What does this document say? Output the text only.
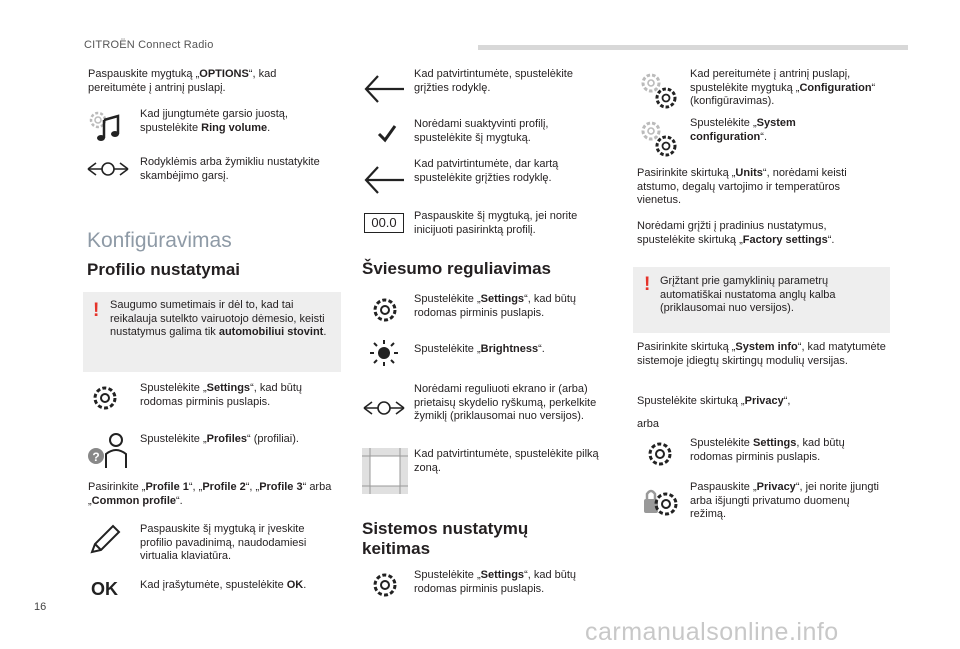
CITROËN Connect Radio
16
carmanualsonline.info

Paspauskite mygtuką „OPTIONS“, kad pereitumėte į antrinį puslapį.

Kad įjungtumėte garsio juostą, spustelėkite Ring volume.

Rodyklėmis arba žymikliu nustatykite skambėjimo garsį.

Konfigūravimas
Profilio nustatymai
! Saugumo sumetimais ir dėl to, kad tai reikalauja sutelkto vairuotojo dėmesio, keisti nustatymus galima tik automobiliui stovint.

Spustelėkite „Settings“, kad būtų rodomas pirminis puslapis.

?

Spustelėkite „Profiles“ (profiliai).

Pasirinkite „Profile 1“, „Profile 2“, „Profile 3“ arba „Common profile“.

Paspauskite šį mygtuką ir įveskite profilio pavadinimą, naudodamiesi virtualia klaviatūra.

OK Kad įrašytumėte, spustelėkite OK.

Kad patvirtintumėte, spustelėkite grįžties rodyklę.

Norėdami suaktyvinti profilį, spustelėkite šį mygtuką.

Kad patvirtintumėte, dar kartą spustelėkite grįžties rodyklę.

00.0	Paspauskite šį mygtuką, jei norite inicijuoti pasirinktą profilį.

Šviesumo reguliavimas

Spustelėkite „Settings“, kad būtų rodomas pirminis puslapis.

Spustelėkite „Brightness“.

Norėdami reguliuoti ekrano ir (arba) prietaisų skydelio ryškumą, perkelkite žymiklį (priklausomai nuo versijos).

Kad patvirtintumėte, spustelėkite pilką zoną.

Sistemos nustatymų keitimas

Spustelėkite „Settings“, kad būtų rodomas pirminis puslapis.

Kad pereitumėte į antrinį puslapį, spustelėkite mygtuką „Configuration“ (konfigūravimas).

Spustelėkite „System configuration“.

Pasirinkite skirtuką „Units“, norėdami keisti atstumo, degalų vartojimo ir temperatūros vienetus.

Norėdami grįžti į pradinius nustatymus, spustelėkite skirtuką „Factory settings“.

! Grįžtant prie gamyklinių parametrų automatiškai nustatoma anglų kalba (priklausomai nuo versijos).

Pasirinkite skirtuką „System info“, kad matytumėte sistemoje įdiegtų skirtingų modulių versijas.

Spustelėkite skirtuką „Privacy“,

arba

Spustelėkite Settings, kad būtų rodomas pirminis puslapis.

Paspauskite „Privacy“, jei norite įjungti arba išjungti privatumo duomenų režimą.
